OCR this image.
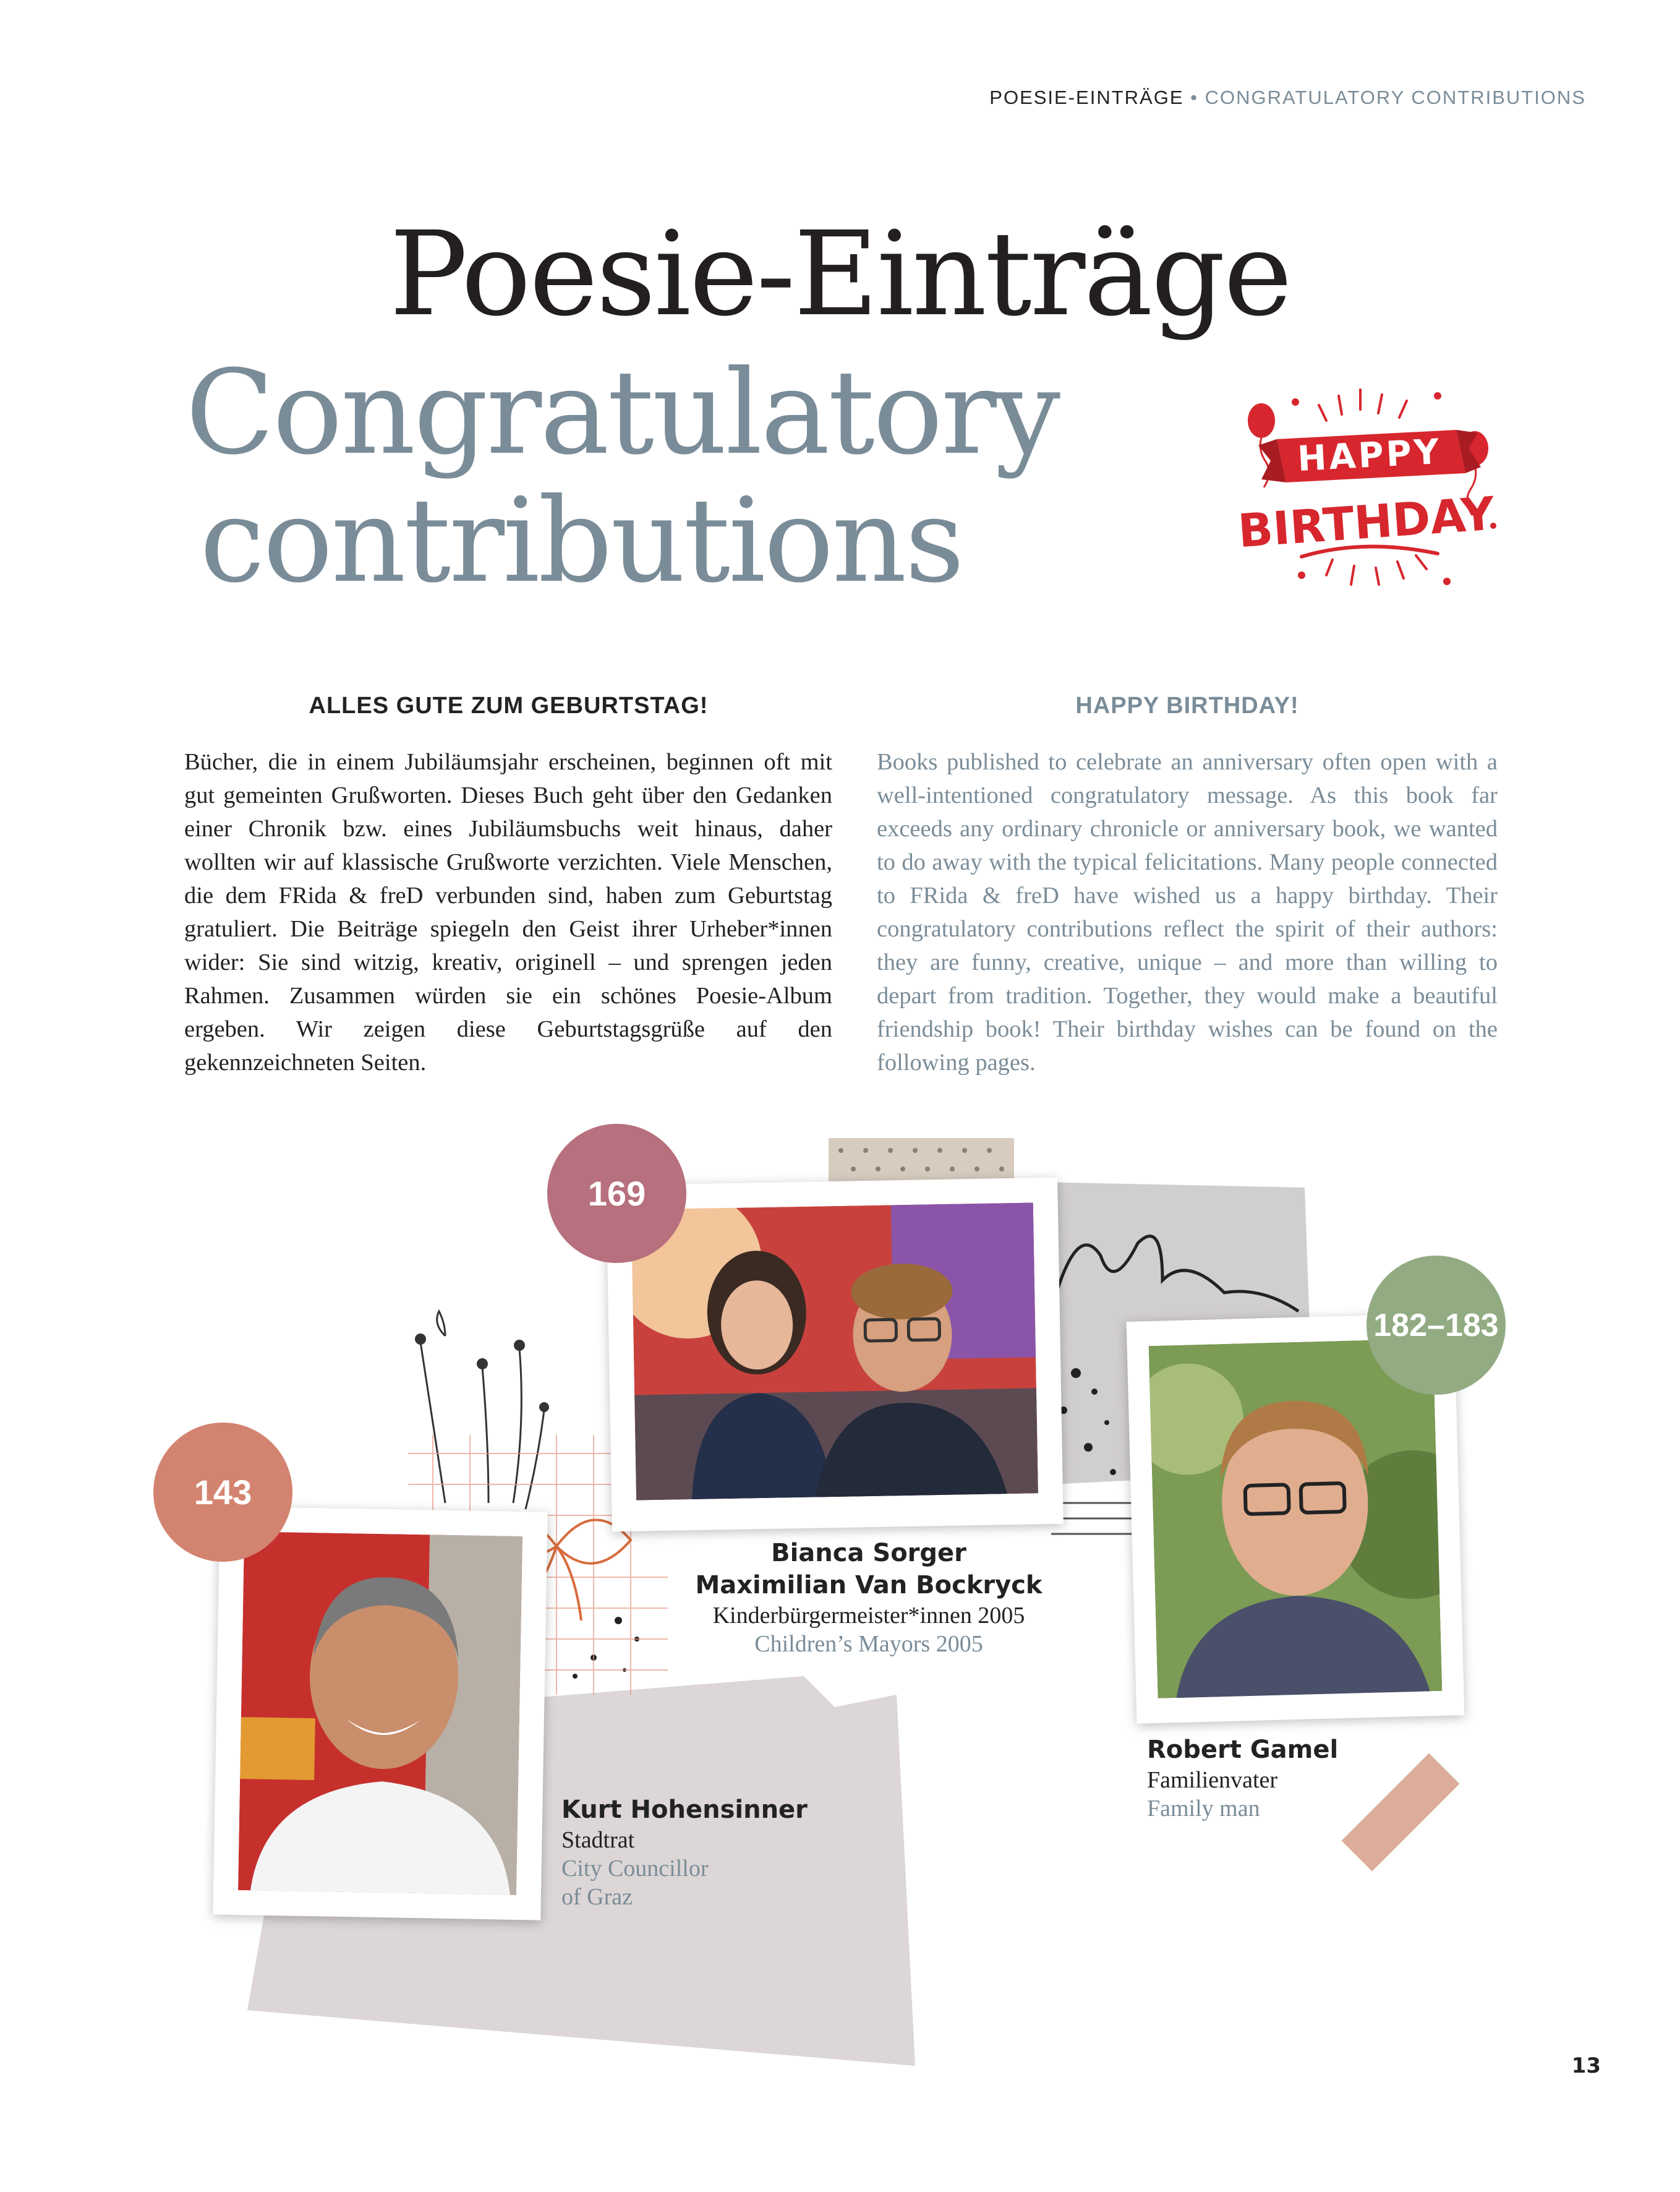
POESIE-EINTRÄGE • CONGRATULATORY CONTRIBUTIONS
Poesie-Einträge
Congratulatory
contributions
HAPPY
BIRTHDAY
ALLES GUTE ZUM GEBURTSTAG!	HAPPY BIRTHDAY!
Bücher, die in einem Jubiläumsjahr erscheinen, beginnen oft mit gut gemeinten Grußworten. Dieses Buch geht über den Gedanken einer Chronik bzw. eines Jubiläumsbuchs weit hinaus, daher wollten wir auf klassische Grußworte verzichten. Viele Menschen, die dem FRida & freD verbunden sind, haben zum Geburtstag gratuliert. Die Beiträge spiegeln den Geist ihrer Urheber*innen wider: Sie sind witzig, kreativ, originell – und sprengen jeden Rahmen. Zusammen würden sie ein schönes Poesie-Album ergeben. Wir zeigen diese Geburtstagsgrüße auf den gekennzeichneten Seiten.
Books published to celebrate an anniversary often open with a well-intentioned congratulatory message. As this book far exceeds any ordinary chronicle or anniversary book, we wanted to do away with the typical felicitations. Many people connected to FRida & freD have wished us a happy birthday. Their congratulatory contributions reflect the spirit of their authors: they are funny, creative, unique – and more than willing to depart from tradition. Together, they would make a beautiful friendship book! Their birthday wishes can be found on the following pages.
169
143
182–183
Bianca Sorger
Maximilian Van Bockryck
Kinderbürgermeister*innen 2005
Children’s Mayors 2005
Kurt Hohensinner
Stadtrat
City Councillor
of Graz
Robert Gamel
Familienvater
Family man
13
